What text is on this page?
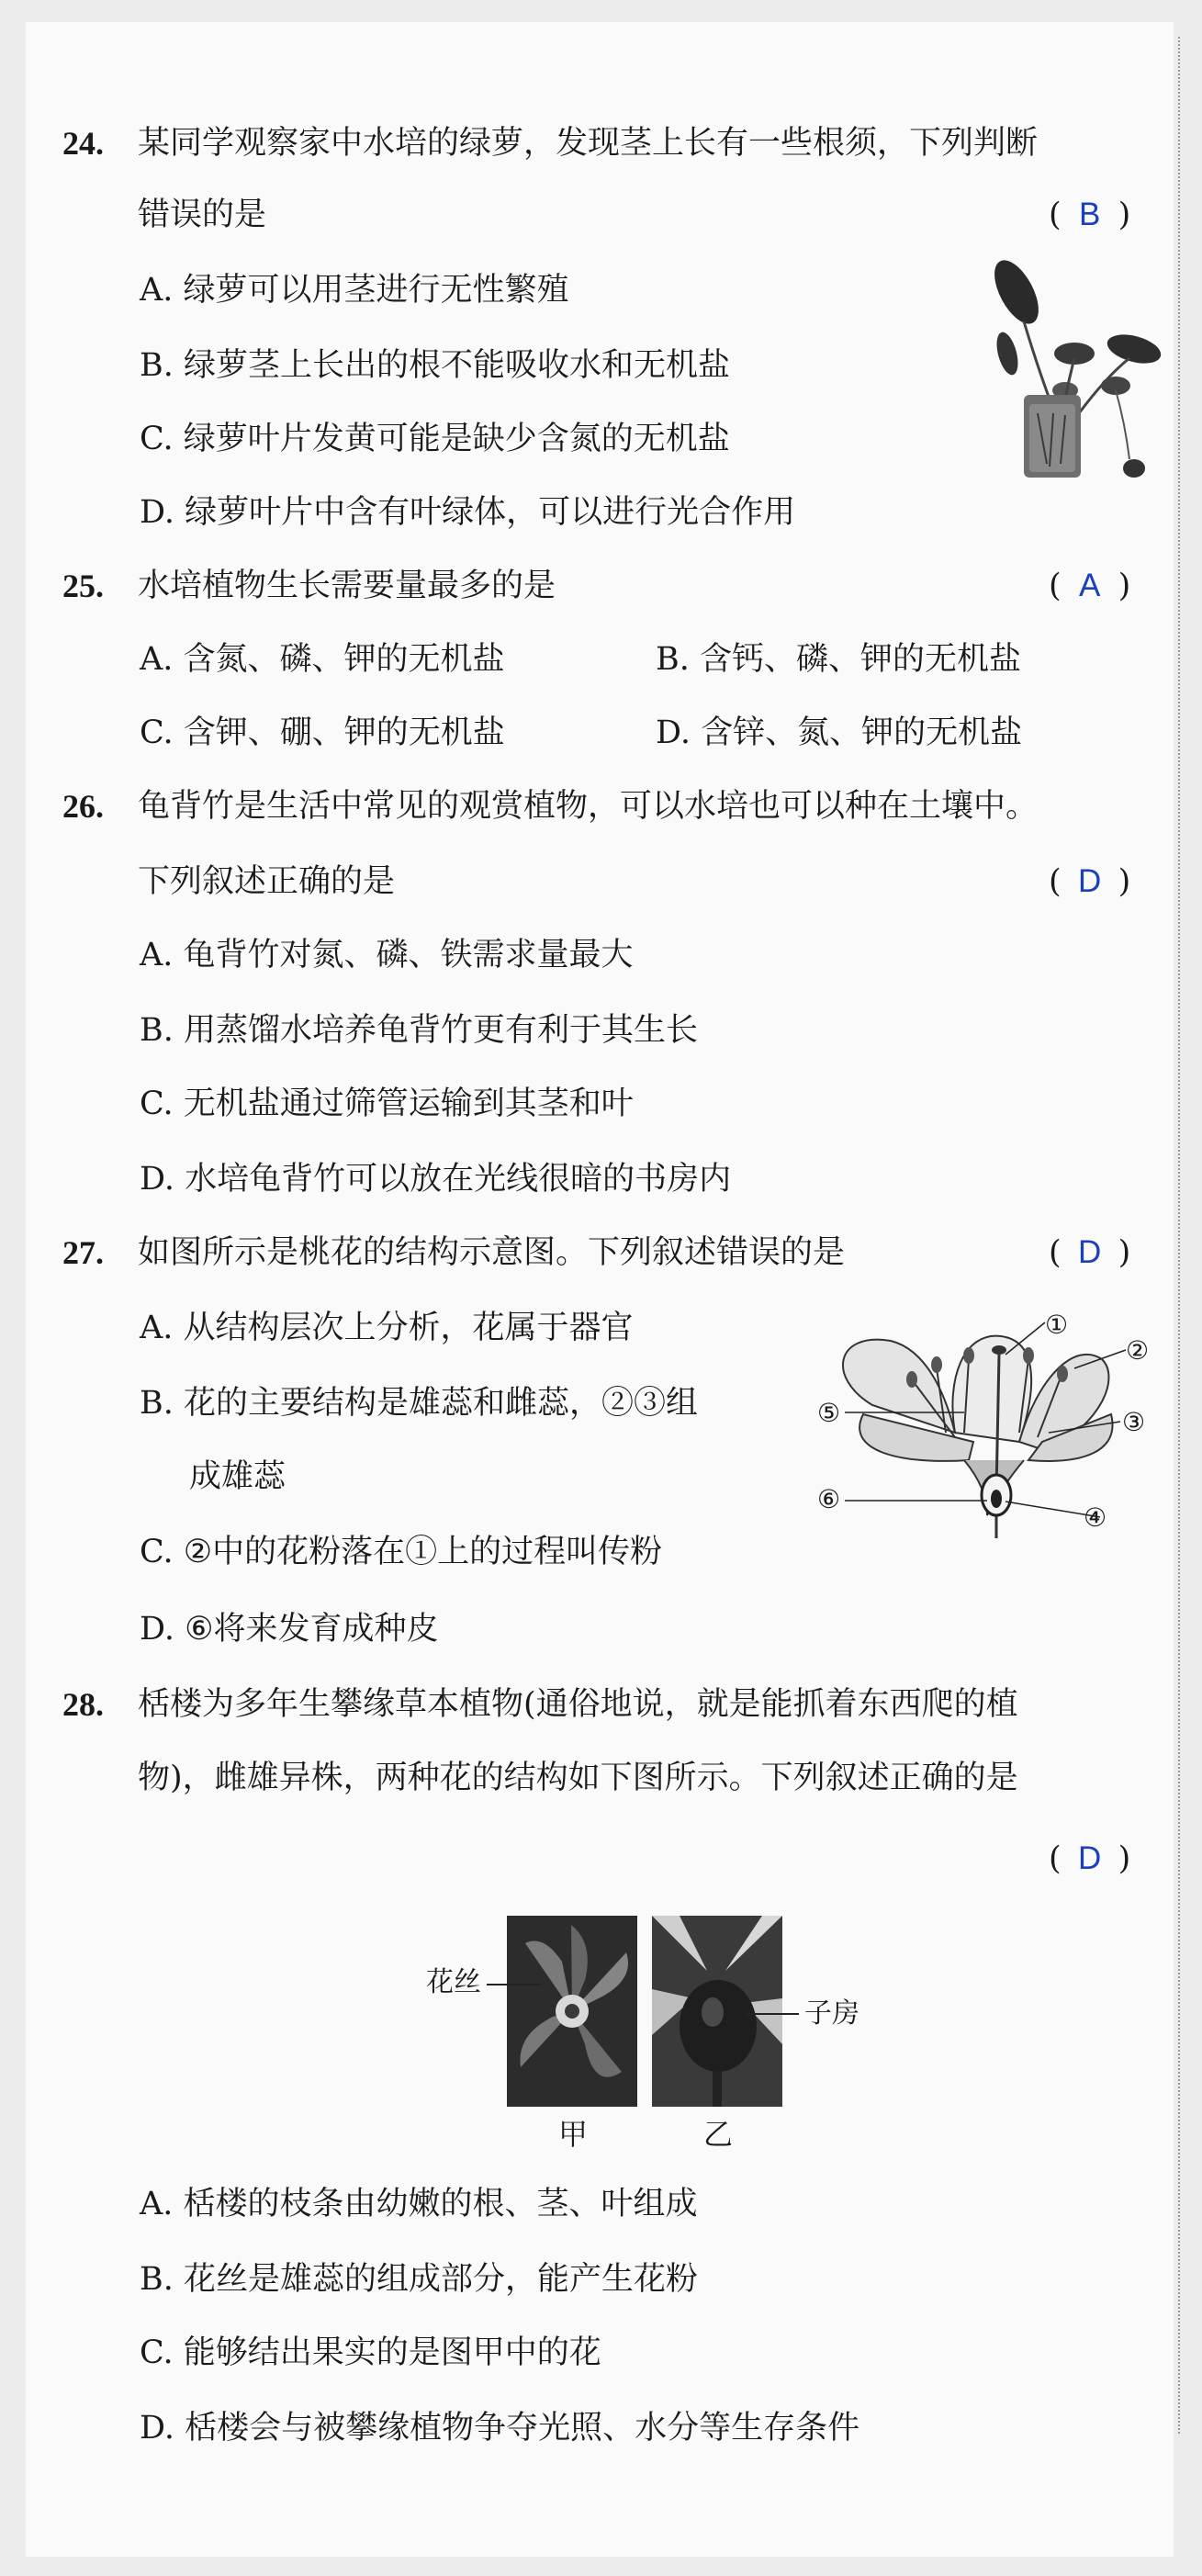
24. 某同学观察家中水培的绿萝，发现茎上长有一些根须，下列判断
错误的是	( B )
A. 绿萝可以用茎进行无性繁殖
B. 绿萝茎上长出的根不能吸收水和无机盐
C. 绿萝叶片发黄可能是缺少含氮的无机盐
D. 绿萝叶片中含有叶绿体，可以进行光合作用
25. 水培植物生长需要量最多的是	( A )
A. 含氮、磷、钾的无机盐	B. 含钙、磷、钾的无机盐
C. 含钾、硼、钾的无机盐	D. 含锌、氮、钾的无机盐
26. 龟背竹是生活中常见的观赏植物，可以水培也可以种在土壤中。
下列叙述正确的是	( D )
A. 龟背竹对氮、磷、铁需求量最大
B. 用蒸馏水培养龟背竹更有利于其生长
C. 无机盐通过筛管运输到其茎和叶
D. 水培龟背竹可以放在光线很暗的书房内
27. 如图所示是桃花的结构示意图。下列叙述错误的是	( D )
A. 从结构层次上分析，花属于器官
B. 花的主要结构是雄蕊和雌蕊，②③组
成雄蕊
C. ②中的花粉落在①上的过程叫传粉
D. ⑥将来发育成种皮
①
②
③
④
⑤
⑥
28. 栝楼为多年生攀缘草本植物(通俗地说，就是能抓着东西爬的植
物)，雌雄异株，两种花的结构如下图所示。下列叙述正确的是
( D )
花丝
子房
甲	乙
A. 栝楼的枝条由幼嫩的根、茎、叶组成
B. 花丝是雄蕊的组成部分，能产生花粉
C. 能够结出果实的是图甲中的花
D. 栝楼会与被攀缘植物争夺光照、水分等生存条件
